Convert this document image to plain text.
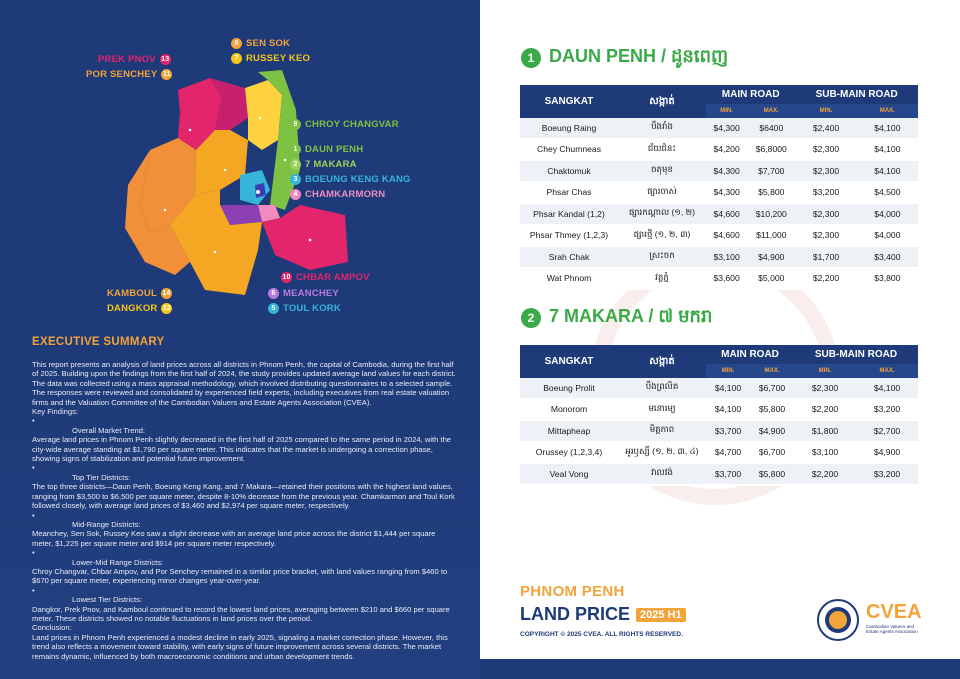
PREK PNOV 13
POR SENCHEY 11
8 SEN SOK
7 RUSSEY KEO
9 CHROY CHANGVAR
1 DAUN PENH
2 7 MAKARA
3 BOEUNG KENG KANG
4 CHAMKARMORN
10 CHBAR AMPOV
6 MEANCHEY
5 TOUL KORK
KAMBOUL 14
DANGKOR 12
EXECUTIVE SUMMARY

This report presents an analysis of land prices across all districts in Phnom Penh, the capital of Cambodia, during the first half of 2025. Building upon the findings from the first half of 2024, the study provides updated average land values for each district.

The data was collected using a mass appraisal methodology, which involved distributing questionnaires to a selected sample. The responses were reviewed and consolidated by experienced field experts, including executives from real estate valuation firms and the Valuation Committee of the Cambodian Valuers and Estate Agents Association (CVEA).

Key Findings:

•

Overall Market Trend:

Average land prices in Phnom Penh slightly decreased in the first half of 2025 compared to the same period in 2024, with the city-wide average standing at $1,790 per square meter. This indicates that the market is undergoing a correction phase, showing signs of stabilization and potential future improvement.

•

Top Tier Districts:

The top three districts—Daun Penh, Boeung Keng Kang, and 7 Makara—retained their positions with the highest land values, ranging from $3,500 to $6,500 per square meter, despite 8-10% decrease from the previous year. Chamkarmon and Toul Kork followed closely, with average land prices of $3,460 and $2,974 per square meter, respectively.

•

Mid-Range Districts:

Meanchey, Sen Sok, Russey Keo saw a slight decrease with an average land price across the district $1,444 per square meter, $1,225 per square meter and $914 per square meter respectively.

•

Lower-Mid Range Districts:

Chroy Changvar, Chbar Ampov, and Por Senchey remained in a similar price bracket, with land values ranging from $460 to $670 per square meter, experiencing minor changes year-over-year.

•

Lowest Tier Districts:

Dangkor, Prek Pnov, and Kamboul continued to record the lowest land prices, averaging between $210 and $660 per square meter. These districts showed no notable fluctuations in land prices over the period.

Conclusion:

Land prices in Phnom Penh experienced a modest decline in early 2025, signaling a market correction phase. However, this trend also reflects a movement toward stability, with early signs of future improvement across several districts. The market remains dynamic, influenced by both macroeconomic conditions and urban development trends.

1 DAUN PENH / ដូនពេញ
SANGKAT	សង្កាត់	MAIN ROAD		SUB-MAIN ROAD	
		MIN.	MAX.	MIN.	MAX.
Boeung Raing	បឹងរាំង	$4,300	$6400	$2,400	$4,100
Chey Chumneas	ជ័យជំនះ	$4,200	$6,8000	$2,300	$4,100
Chaktomuk	ចតុមុខ	$4,300	$7,700	$2,300	$4,100
Phsar Chas	ផ្សារចាស់	$4,300	$5,800	$3,200	$4,500
Phsar Kandal (1,2)	ផ្សារកណ្ដាល (១, ២)	$4,600	$10,200	$2,300	$4,000
Phsar Thmey (1,2,3)	ផ្សារថ្មី (១, ២, ៣)	$4,600	$11,000	$2,300	$4,000
Srah Chak	ស្រះចក	$3,100	$4,900	$1,700	$3,400
Wat Phnom	វត្តភ្នំ	$3,600	$5,000	$2,200	$3,800
2 7 MAKARA / ៧ មករា
SANGKAT	សង្កាត់	MAIN ROAD		SUB-MAIN ROAD	
		MIN.	MAX.	MIN.	MAX.
Boeung Prolit	បឹងព្រលិត	$4,100	$6,700	$2,300	$4,100
Monorom	មនោរម្យ	$4,100	$5,800	$2,200	$3,200
Mittapheap	មិត្តភាព	$3,700	$4,900	$1,800	$2,700
Orussey (1,2,3,4)	អូរឫស្សី (១, ២, ៣, ៤)	$4,700	$6,700	$3,100	$4,900
Veal Vong	វាលវង់	$3,700	$5,800	$2,200	$3,200
PHNOM PENH
LAND PRICE 2025 H1
COPYRIGHT © 2025 CVEA. ALL RIGHTS RESERVED.
CVEA
Cambodian Valuers and Estate Agents Association
